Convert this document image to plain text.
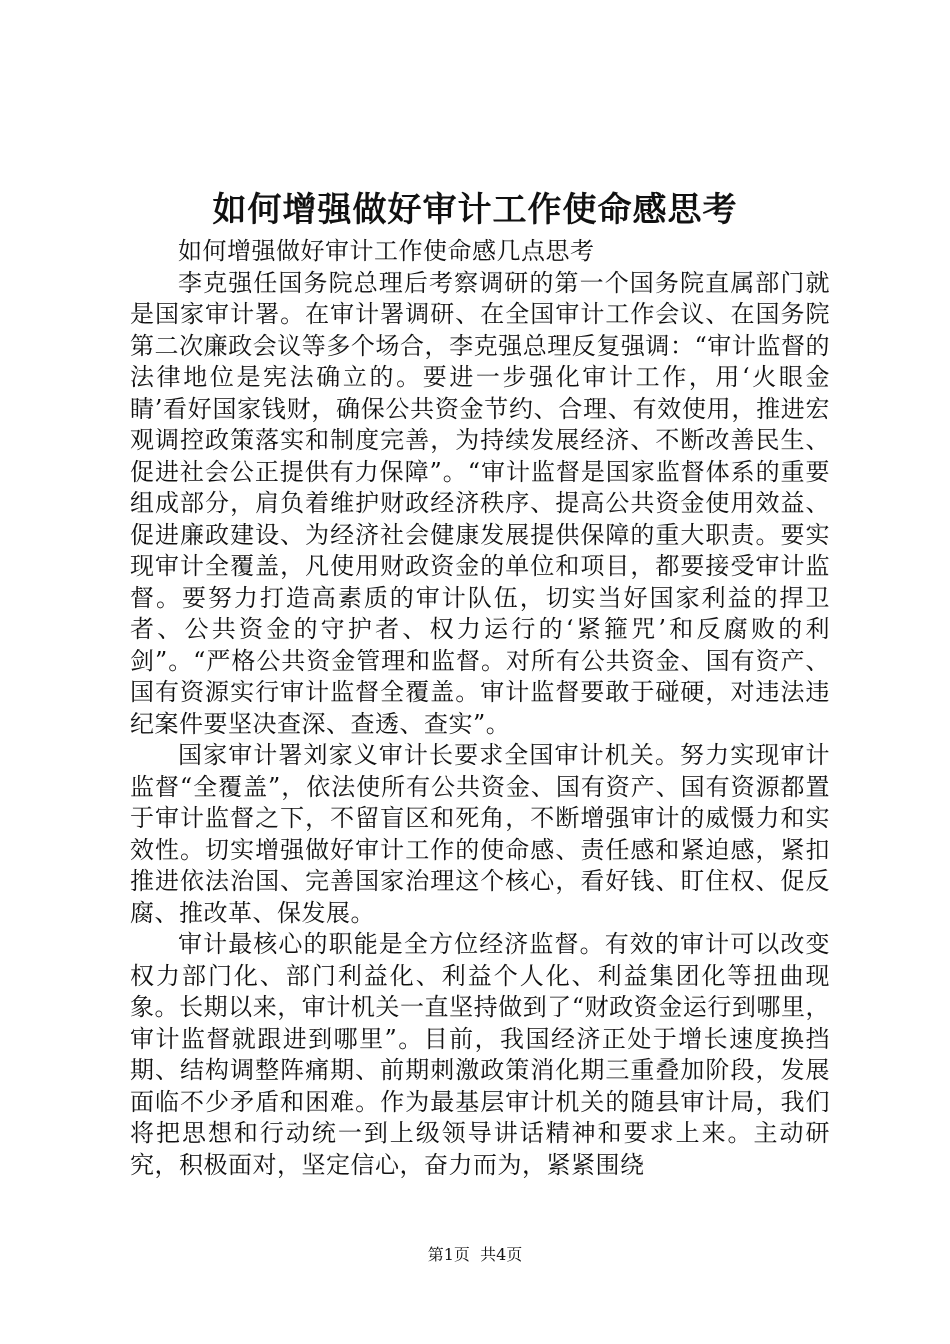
如何增强做好审计工作使命感思考

如何增强做好审计工作使命感几点思考

李克强任国务院总理后考察调研的第一个国务院直属部门就是国家审计署。在审计署调研、在全国审计工作会议、在国务院第二次廉政会议等多个场合，李克强总理反复强调：“审计监督的法律地位是宪法确立的。要进一步强化审计工作，用‘火眼金睛’看好国家钱财，确保公共资金节约、合理、有效使用，推进宏观调控政策落实和制度完善，为持续发展经济、不断改善民生、促进社会公正提供有力保障”。“审计监督是国家监督体系的重要组成部分，肩负着维护财政经济秩序、提高公共资金使用效益、促进廉政建设、为经济社会健康发展提供保障的重大职责。要实现审计全覆盖，凡使用财政资金的单位和项目，都要接受审计监督。要努力打造高素质的审计队伍，切实当好国家利益的捍卫者、公共资金的守护者、权力运行的‘紧箍咒’和反腐败的利剑”。“严格公共资金管理和监督。对所有公共资金、国有资产、国有资源实行审计监督全覆盖。审计监督要敢于碰硬，对违法违纪案件要坚决查深、查透、查实”。

国家审计署刘家义审计长要求全国审计机关。努力实现审计监督“全覆盖”，依法使所有公共资金、国有资产、国有资源都置于审计监督之下，不留盲区和死角，不断增强审计的威慑力和实效性。切实增强做好审计工作的使命感、责任感和紧迫感，紧扣推进依法治国、完善国家治理这个核心，看好钱、盯住权、促反腐、推改革、保发展。

审计最核心的职能是全方位经济监督。有效的审计可以改变权力部门化、部门利益化、利益个人化、利益集团化等扭曲现象。长期以来，审计机关一直坚持做到了“财政资金运行到哪里，审计监督就跟进到哪里”。目前，我国经济正处于增长速度换挡期、结构调整阵痛期、前期刺激政策消化期三重叠加阶段，发展面临不少矛盾和困难。作为最基层审计机关的随县审计局，我们将把思想和行动统一到上级领导讲话精神和要求上来。主动研究，积极面对，坚定信心，奋力而为，紧紧围绕

第1页  共4页
